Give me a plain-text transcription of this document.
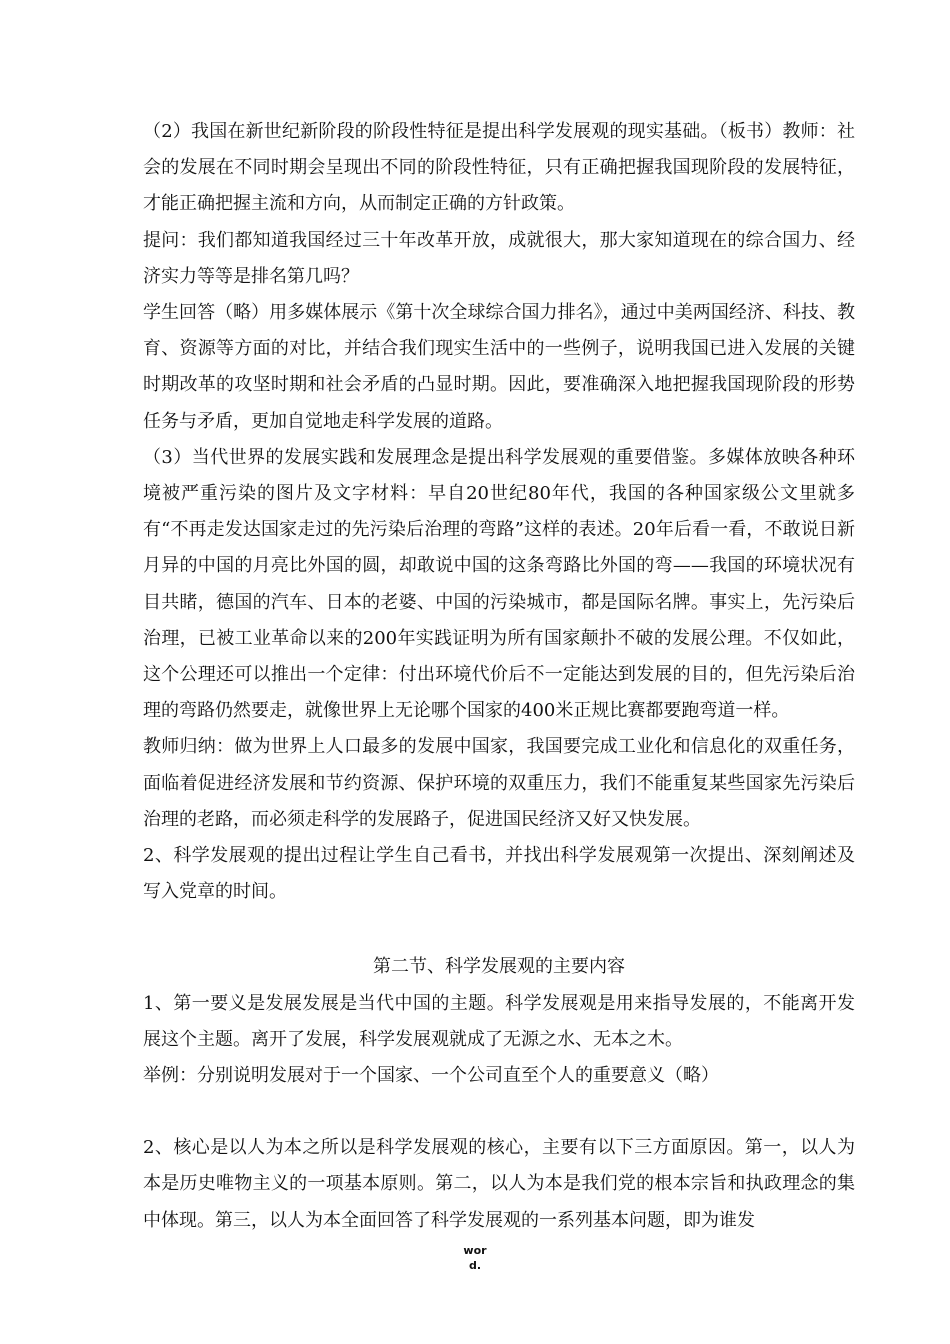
（2）我国在新世纪新阶段的阶段性特征是提出科学发展观的现实基础。（板书）教师：社会的发展在不同时期会呈现出不同的阶段性特征，只有正确把握我国现阶段的发展特征，才能正确把握主流和方向，从而制定正确的方针政策。

提问：我们都知道我国经过三十年改革开放，成就很大，那大家知道现在的综合国力、经济实力等等是排名第几吗？

学生回答（略）用多媒体展示《第十次全球综合国力排名》，通过中美两国经济、科技、教育、资源等方面的对比，并结合我们现实生活中的一些例子，说明我国已进入发展的关键时期改革的攻坚时期和社会矛盾的凸显时期。因此，要准确深入地把握我国现阶段的形势任务与矛盾，更加自觉地走科学发展的道路。

（3）当代世界的发展实践和发展理念是提出科学发展观的重要借鉴。多媒体放映各种环境被严重污染的图片及文字材料：早自20世纪80年代，我国的各种国家级公文里就多有“不再走发达国家走过的先污染后治理的弯路”这样的表述。20年后看一看，不敢说日新月异的中国的月亮比外国的圆，却敢说中国的这条弯路比外国的弯——我国的环境状况有目共睹，德国的汽车、日本的老婆、中国的污染城市，都是国际名牌。事实上，先污染后治理，已被工业革命以来的200年实践证明为所有国家颠扑不破的发展公理。不仅如此，这个公理还可以推出一个定律：付出环境代价后不一定能达到发展的目的，但先污染后治理的弯路仍然要走，就像世界上无论哪个国家的400米正规比赛都要跑弯道一样。

教师归纳：做为世界上人口最多的发展中国家，我国要完成工业化和信息化的双重任务，面临着促进经济发展和节约资源、保护环境的双重压力，我们不能重复某些国家先污染后治理的老路，而必须走科学的发展路子，促进国民经济又好又快发展。

2、科学发展观的提出过程让学生自己看书，并找出科学发展观第一次提出、深刻阐述及写入党章的时间。

第二节、科学发展观的主要内容

1、第一要义是发展发展是当代中国的主题。科学发展观是用来指导发展的，不能离开发展这个主题。离开了发展，科学发展观就成了无源之水、无本之木。

举例：分别说明发展对于一个国家、一个公司直至个人的重要意义（略）

2、核心是以人为本之所以是科学发展观的核心，主要有以下三方面原因。第一，以人为本是历史唯物主义的一项基本原则。第二，以人为本是我们党的根本宗旨和执政理念的集中体现。第三，以人为本全面回答了科学发展观的一系列基本问题，即为谁发

wor
d.
